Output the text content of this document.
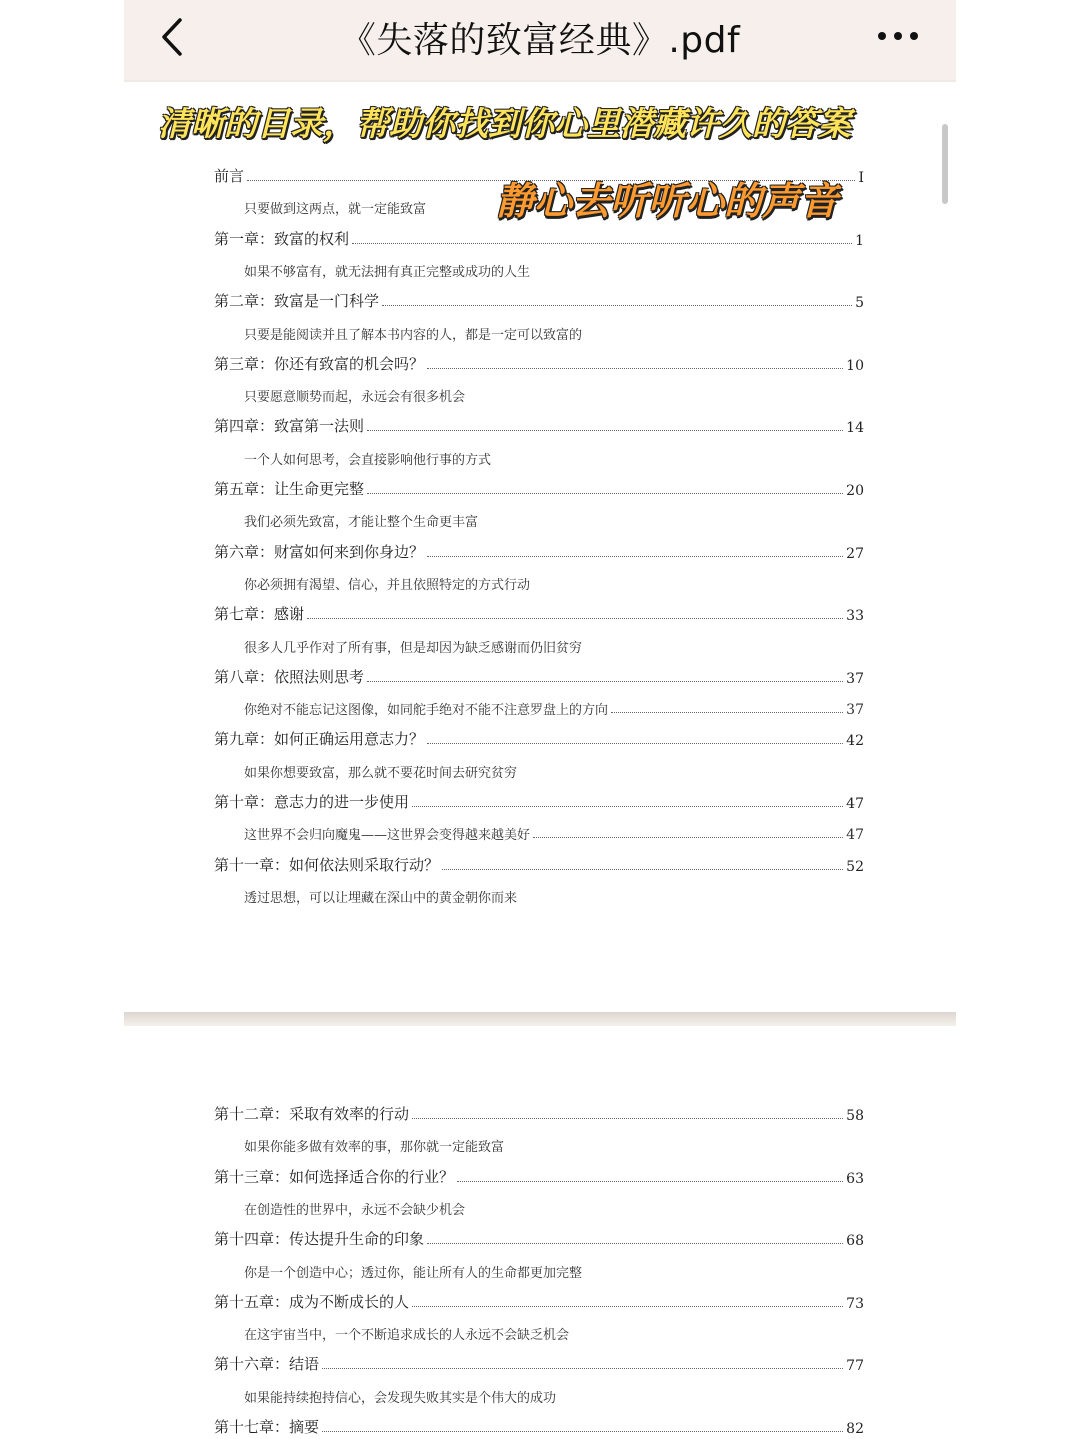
《失落的致富经典》.pdf
前言	I
只要做到这两点，就一定能致富
第一章：致富的权利	1
如果不够富有，就无法拥有真正完整或成功的人生
第二章：致富是一门科学	5
只要是能阅读并且了解本书内容的人，都是一定可以致富的
第三章：你还有致富的机会吗？	10
只要愿意顺势而起，永远会有很多机会
第四章：致富第一法则	14
一个人如何思考，会直接影响他行事的方式
第五章：让生命更完整	20
我们必须先致富，才能让整个生命更丰富
第六章：财富如何来到你身边？	27
你必须拥有渴望、信心，并且依照特定的方式行动
第七章：感谢	33
很多人几乎作对了所有事，但是却因为缺乏感谢而仍旧贫穷
第八章：依照法则思考	37
你绝对不能忘记这图像，如同舵手绝对不能不注意罗盘上的方向	37
第九章：如何正确运用意志力？	42
如果你想要致富，那么就不要花时间去研究贫穷
第十章：意志力的进一步使用	47
这世界不会归向魔鬼——这世界会变得越来越美好	47
第十一章：如何依法则采取行动？	52
透过思想，可以让埋藏在深山中的黄金朝你而来
第十二章：采取有效率的行动	58
如果你能多做有效率的事，那你就一定能致富
第十三章：如何选择适合你的行业？	63
在创造性的世界中，永远不会缺少机会
第十四章：传达提升生命的印象	68
你是一个创造中心；透过你，能让所有人的生命都更加完整
第十五章：成为不断成长的人	73
在这宇宙当中，一个不断追求成长的人永远不会缺乏机会
第十六章：结语	77
如果能持续抱持信心，会发现失败其实是个伟大的成功
第十七章：摘要	82
清晰的目录，帮助你找到你心里潜藏许久的答案
静心去听听心的声音
